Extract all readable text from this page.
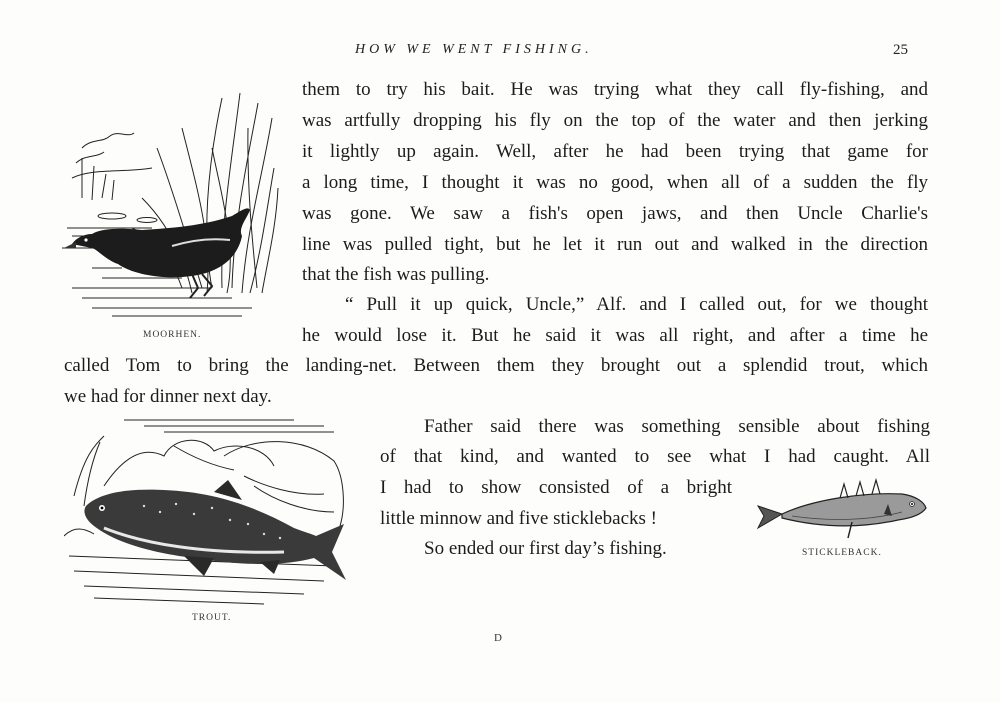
HOW WE WENT FISHING.	25
MOORHEN.
them to try his bait. He was trying what they call fly-fishing, and
was artfully dropping his fly on the top of the water and then jerking
it lightly up again. Well, after he had been trying that game for
a long time, I thought it was no good, when all of a sudden the fly
was gone. We saw a fish's open jaws, and then Uncle Charlie's
line was pulled tight, but he let it run out and walked in the direction
that the fish was pulling.
“ Pull it up quick, Uncle,” Alf. and I called out, for we thought
he would lose it. But he said it was all right, and after a time he
called Tom to bring the landing-net. Between them they brought out a splendid trout, which
we had for dinner next day.
Father said there was something sensible about fishing
of that kind, and wanted to see what I had caught. All
I had to show consisted of a bright
little minnow and five sticklebacks !
So ended our first day’s fishing.
TROUT.
STICKLEBACK.
D
